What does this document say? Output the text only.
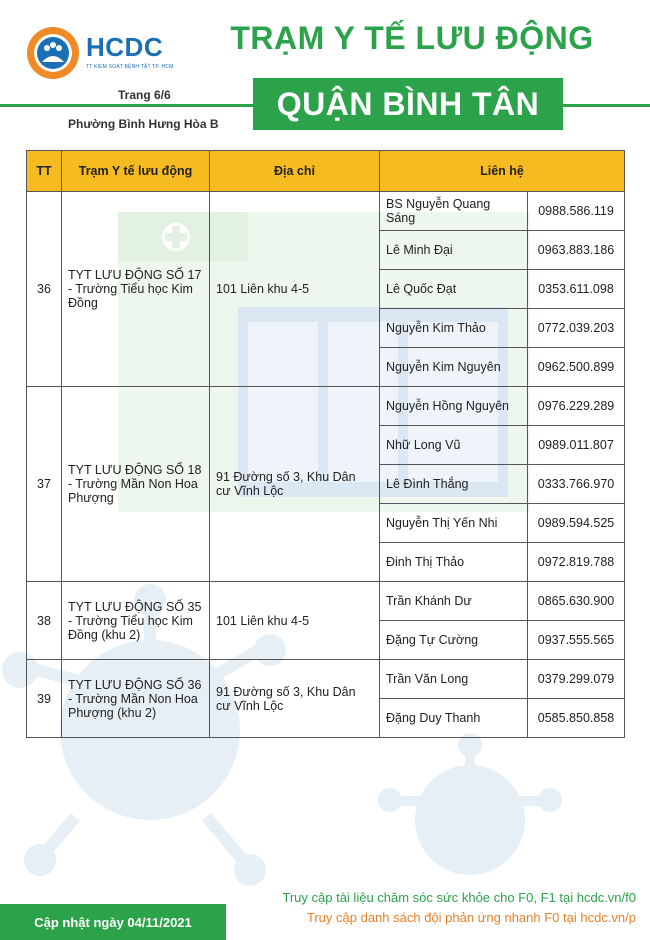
HCDC
TT KIỂM SOÁT BỆNH TẬT TP. HCM
TRẠM Y TẾ LƯU ĐỘNG
Trang 6/6
Phường Bình Hưng Hòa B
QUẬN BÌNH TÂN
TT	Trạm Y tế lưu động	Địa chỉ	Liên hệ	
36	TYT LƯU ĐỘNG SỐ 17 - Trường Tiểu học Kim Đồng	101 Liên khu 4-5	BS Nguyễn Quang Sáng	0988.586.119
			Lê Minh Đại	0963.883.186
			Lê Quốc Đạt	0353.611.098
			Nguyễn Kim Thảo	0772.039.203
			Nguyễn Kim Nguyên	0962.500.899
37	TYT LƯU ĐỘNG SỐ 18 - Trường Mần Non Hoa Phượng	91 Đường số 3, Khu Dân cư Vĩnh Lộc	Nguyễn Hồng Nguyên	0976.229.289
			Nhữ Long Vũ	0989.011.807
			Lê Đình Thắng	0333.766.970
			Nguyễn Thị Yến Nhi	0989.594.525
			Đinh Thị Thảo	0972.819.788
38	TYT LƯU ĐỘNG SỐ 35 - Trường Tiểu học Kim Đồng (khu 2)	101 Liên khu 4-5	Trần Khánh Dư	0865.630.900
			Đặng Tự Cường	0937.555.565
39	TYT LƯU ĐỘNG SỐ 36 - Trường Mần Non Hoa Phượng (khu 2)	91 Đường số 3, Khu Dân cư Vĩnh Lộc	Trần Văn Long	0379.299.079
			Đặng Duy Thanh	0585.850.858
Truy cập tài liệu chăm sóc sức khỏe cho F0, F1 tại hcdc.vn/f0
Truy cập danh sách đội phản ứng nhanh F0 tại hcdc.vn/p
Cập nhật ngày 04/11/2021
